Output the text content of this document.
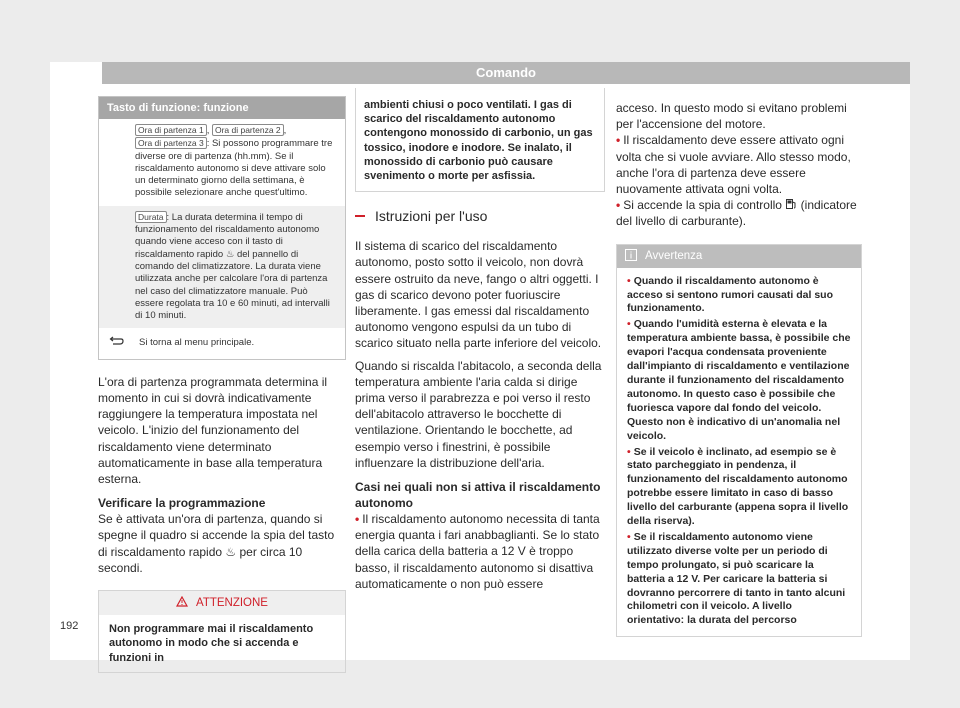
Comando
Tasto di funzione: funzione
Ora di partenza 1 , Ora di partenza 2 , Ora di partenza 3 : Si possono programmare tre diverse ore di partenza (hh.mm). Se il riscaldamento autonomo si deve attivare solo un determinato giorno della settimana, è possibile selezionare anche quest'ultimo.
Durata : La durata determina il tempo di funzionamento del riscaldamento autonomo quando viene acceso con il tasto di riscaldamento rapido ♨ del pannello di comando del climatizzatore. La durata viene utilizzata anche per calcolare l'ora di partenza nel caso del climatizzatore manuale. Può essere regolata tra 10 e 60 minuti, ad intervalli di 10 minuti.
Si torna al menu principale.

L'ora di partenza programmata determina il momento in cui si dovrà indicativamente raggiungere la temperatura impostata nel veicolo. L'inizio del funzionamento del riscaldamento viene determinato automaticamente in base alla temperatura esterna.

Verificare la programmazione

Se è attivata un'ora di partenza, quando si spegne il quadro si accende la spia del tasto di riscaldamento rapido ♨ per circa 10 secondi.

ATTENZIONE
Non programmare mai il riscaldamento autonomo in modo che si accenda e funzioni in
ambienti chiusi o poco ventilati. I gas di scarico del riscaldamento autonomo contengono monossido di carbonio, un gas tossico, inodore e inodore. Se inalato, il monossido di carbonio può causare svenimento o morte per asfissia.
Istruzioni per l'uso

Il sistema di scarico del riscaldamento autonomo, posto sotto il veicolo, non dovrà essere ostruito da neve, fango o altri oggetti. I gas di scarico devono poter fuoriuscire liberamente. I gas emessi dal riscaldamento autonomo vengono espulsi da un tubo di scarico situato nella parte inferiore del veicolo.

Quando si riscalda l'abitacolo, a seconda della temperatura ambiente l'aria calda si dirige prima verso il parabrezza e poi verso il resto dell'abitacolo attraverso le bocchette di ventilazione. Orientando le bocchette, ad esempio verso i finestrini, è possibile influenzare la distribuzione dell'aria.

Casi nei quali non si attiva il riscaldamento autonomo

• Il riscaldamento autonomo necessita di tanta energia quanta i fari anabbaglianti. Se lo stato della carica della batteria a 12 V è troppo basso, il riscaldamento autonomo si disattiva automaticamente o non può essere

acceso. In questo modo si evitano problemi per l'accensione del motore.

• Il riscaldamento deve essere attivato ogni volta che si vuole avviare. Allo stesso modo, anche l'ora di partenza deve essere nuovamente attivata ogni volta.

• Si accende la spia di controllo (indicatore del livello di carburante).

Avvertenza
• Quando il riscaldamento autonomo è acceso si sentono rumori causati dal suo funzionamento.
• Quando l'umidità esterna è elevata e la temperatura ambiente bassa, è possibile che evapori l'acqua condensata proveniente dall'impianto di riscaldamento e ventilazione durante il funzionamento del riscaldamento autonomo. In questo caso è possibile che fuoriesca vapore dal fondo del veicolo. Questo non è indicativo di un'anomalia nel veicolo.
• Se il veicolo è inclinato, ad esempio se è stato parcheggiato in pendenza, il funzionamento del riscaldamento autonomo potrebbe essere limitato in caso di basso livello del carburante (appena sopra il livello della riserva).
• Se il riscaldamento autonomo viene utilizzato diverse volte per un periodo di tempo prolungato, si può scaricare la batteria a 12 V. Per caricare la batteria si dovranno percorrere di tanto in tanto alcuni chilometri con il veicolo. A livello orientativo: la durata del percorso
192
